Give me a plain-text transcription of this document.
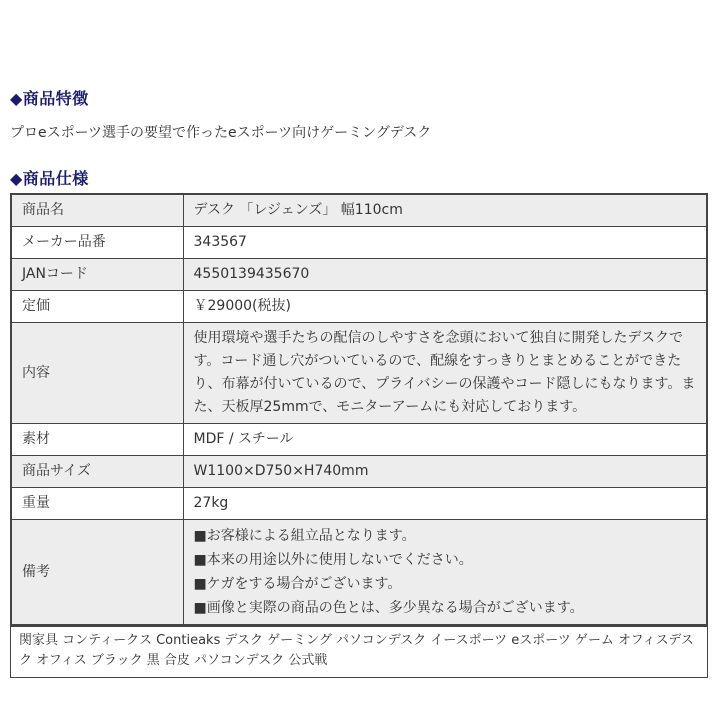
◆商品特徴
プロeスポーツ選手の要望で作ったeスポーツ向けゲーミングデスク
◆商品仕様
商品名	デスク 「レジェンズ」 幅110cm
メーカー品番	343567
JANコード	4550139435670
定価	￥29000(税抜)
内容	使用環境や選手たちの配信のしやすさを念頭において独自に開発したデスクです。コード通し穴がついているので、配線をすっきりとまとめることができたり、布幕が付いているので、プライバシーの保護やコード隠しにもなります。また、天板厚25mmで、モニターアームにも対応しております。
素材	MDF / スチール
商品サイズ	W1100×D750×H740mm
重量	27kg
備考	■お客様による組立品となります。
■本来の用途以外に使用しないでください。
■ケガをする場合がございます。
■画像と実際の商品の色とは、多少異なる場合がございます。
関家具 コンティークス Contieaks デスク ゲーミング パソコンデスク イースポーツ eスポーツ ゲーム オフィスデスク オフィス ブラック 黒 合皮 パソコンデスク 公式戦
